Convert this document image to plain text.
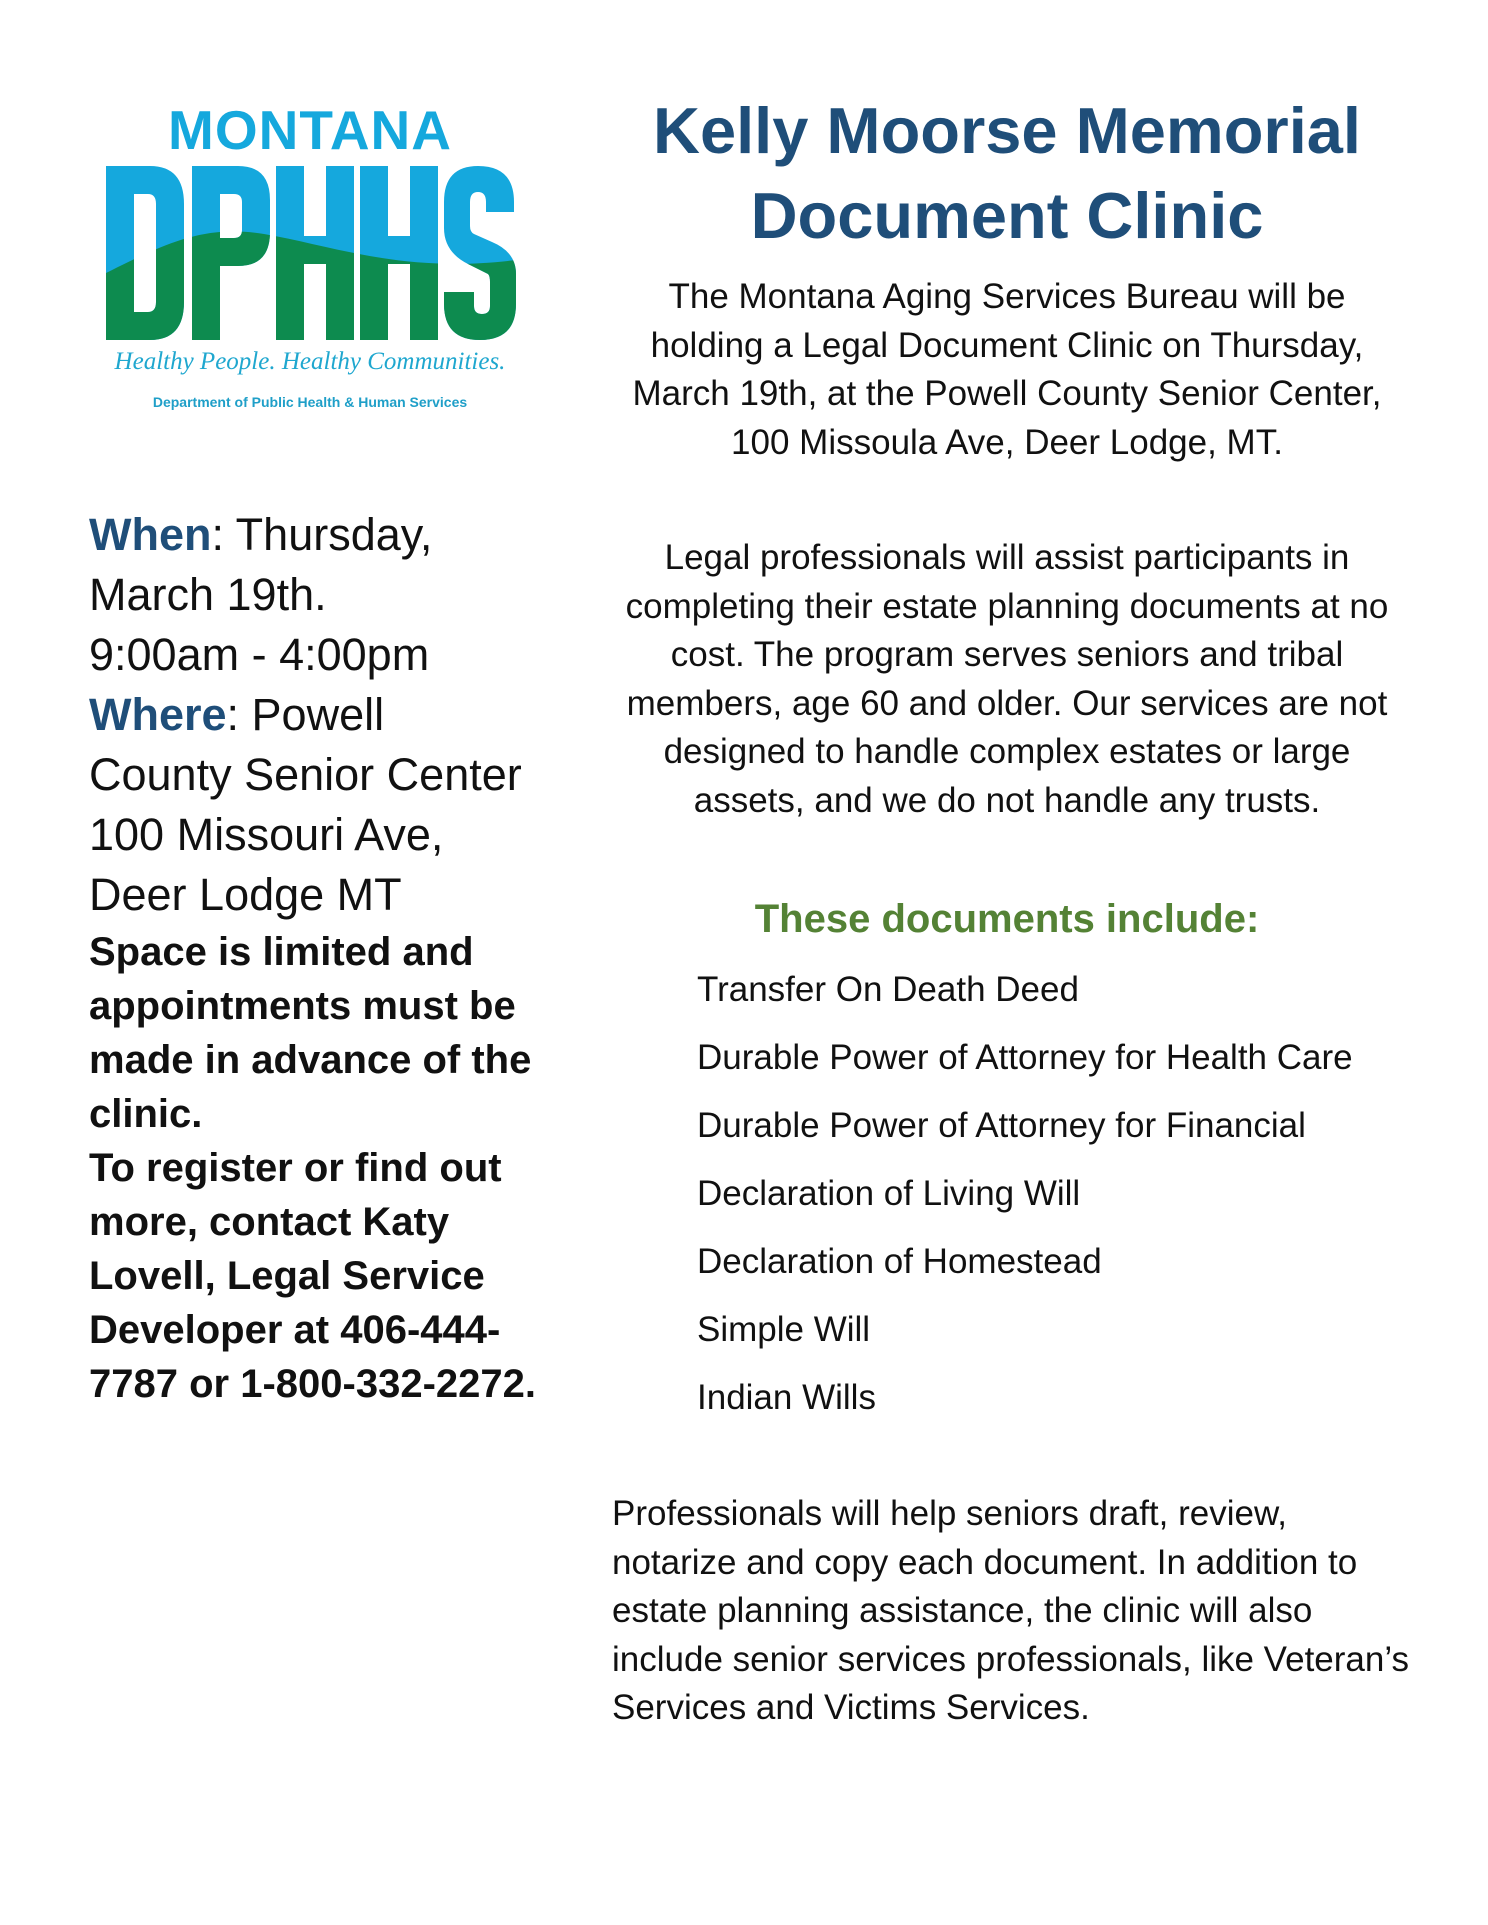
MONTANA
Healthy People. Healthy Communities.
Department of Public Health & Human Services

When: Thursday, March 19th.

9:00am - 4:00pm

Where: Powell County Senior Center

100 Missouri Ave, Deer Lodge MT

Space is limited and appointments must be made in advance of the clinic.

To register or find out more, contact Katy Lovell, Legal Service Developer at 406-444-7787 or 1-800-332-2272.

Kelly Moorse Memorial
Document Clinic

The Montana Aging Services Bureau will be holding a Legal Document Clinic on Thursday, March 19th, at the Powell County Senior Center, 100 Missoula Ave, Deer Lodge, MT.

Legal professionals will assist participants in completing their estate planning documents at no cost. The program serves seniors and tribal members, age 60 and older. Our services are not designed to handle complex estates or large assets, and we do not handle any trusts.

These documents include:
Transfer On Death Deed
Durable Power of Attorney for Health Care
Durable Power of Attorney for Financial
Declaration of Living Will
Declaration of Homestead
Simple Will
Indian Wills

Professionals will help seniors draft, review, notarize and copy each document. In addition to estate planning assistance, the clinic will also include senior services professionals, like Veteran’s Services and Victims Services.
